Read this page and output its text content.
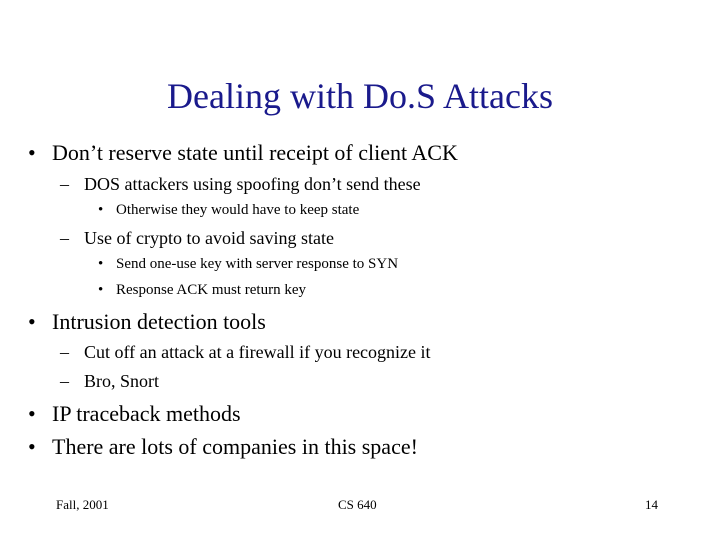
Dealing with Do.S Attacks
• Don’t reserve state until receipt of client ACK
– DOS attackers using spoofing don’t send these
• Otherwise they would have to keep state
– Use of crypto to avoid saving state
• Send one-use key with server response to SYN
• Response ACK must return key
• Intrusion detection tools
– Cut off an attack at a firewall if you recognize it
– Bro, Snort
• IP traceback methods
• There are lots of companies in this space!
Fall, 2001	CS 640	14
